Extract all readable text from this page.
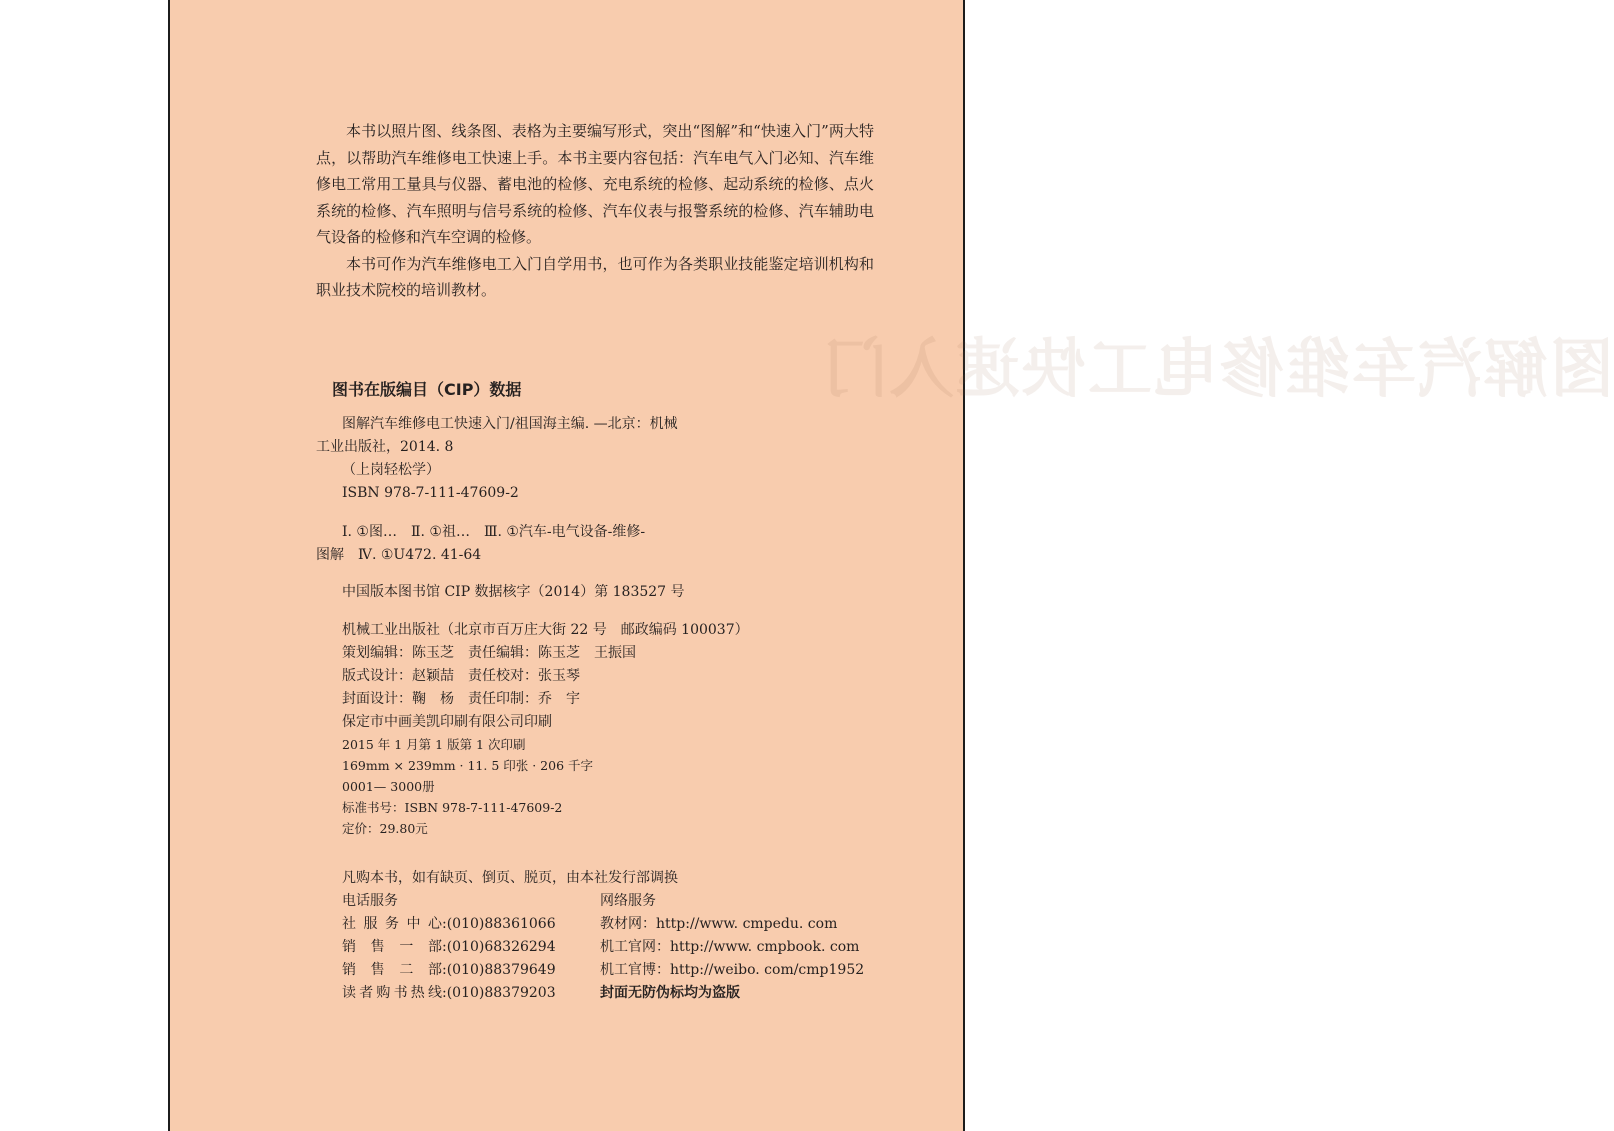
图解汽车维修电工快速入门

本书以照片图、线条图、表格为主要编写形式，突出“图解”和“快速入门”两大特点，以帮助汽车维修电工快速上手。本书主要内容包括：汽车电气入门必知、汽车维修电工常用工量具与仪器、蓄电池的检修、充电系统的检修、起动系统的检修、点火系统的检修、汽车照明与信号系统的检修、汽车仪表与报警系统的检修、汽车辅助电气设备的检修和汽车空调的检修。

本书可作为汽车维修电工入门自学用书，也可作为各类职业技能鉴定培训机构和职业技术院校的培训教材。

图书在版编目（CIP）数据
图解汽车维修电工快速入门/祖国海主编. —北京：机械
工业出版社，2014. 8
（上岗轻松学）
ISBN 978-7-111-47609-2
Ⅰ. ①图…　Ⅱ. ①祖…　Ⅲ. ①汽车-电气设备-维修-
图解　Ⅳ. ①U472. 41-64
中国版本图书馆 CIP 数据核字（2014）第 183527 号
机械工业出版社（北京市百万庄大街 22 号　邮政编码 100037）
策划编辑：陈玉芝　责任编辑：陈玉芝　王振国
版式设计：赵颖喆　责任校对：张玉琴
封面设计：鞠　杨　责任印制：乔　宇
保定市中画美凯印刷有限公司印刷
2015 年 1 月第 1 版第 1 次印刷
169mm × 239mm · 11. 5 印张 · 206 千字
0001— 3000册
标准书号：ISBN 978-7-111-47609-2
定价：29.80元
凡购本书，如有缺页、倒页、脱页，由本社发行部调换
电话服务	网络服务
社服务中心:(010)88361066	教材网：http://www. cmpedu. com
销售一部:(010)68326294	机工官网：http://www. cmpbook. com
销售二部:(010)88379649	机工官博：http://weibo. com/cmp1952
读者购书热线:(010)88379203	封面无防伪标均为盗版
